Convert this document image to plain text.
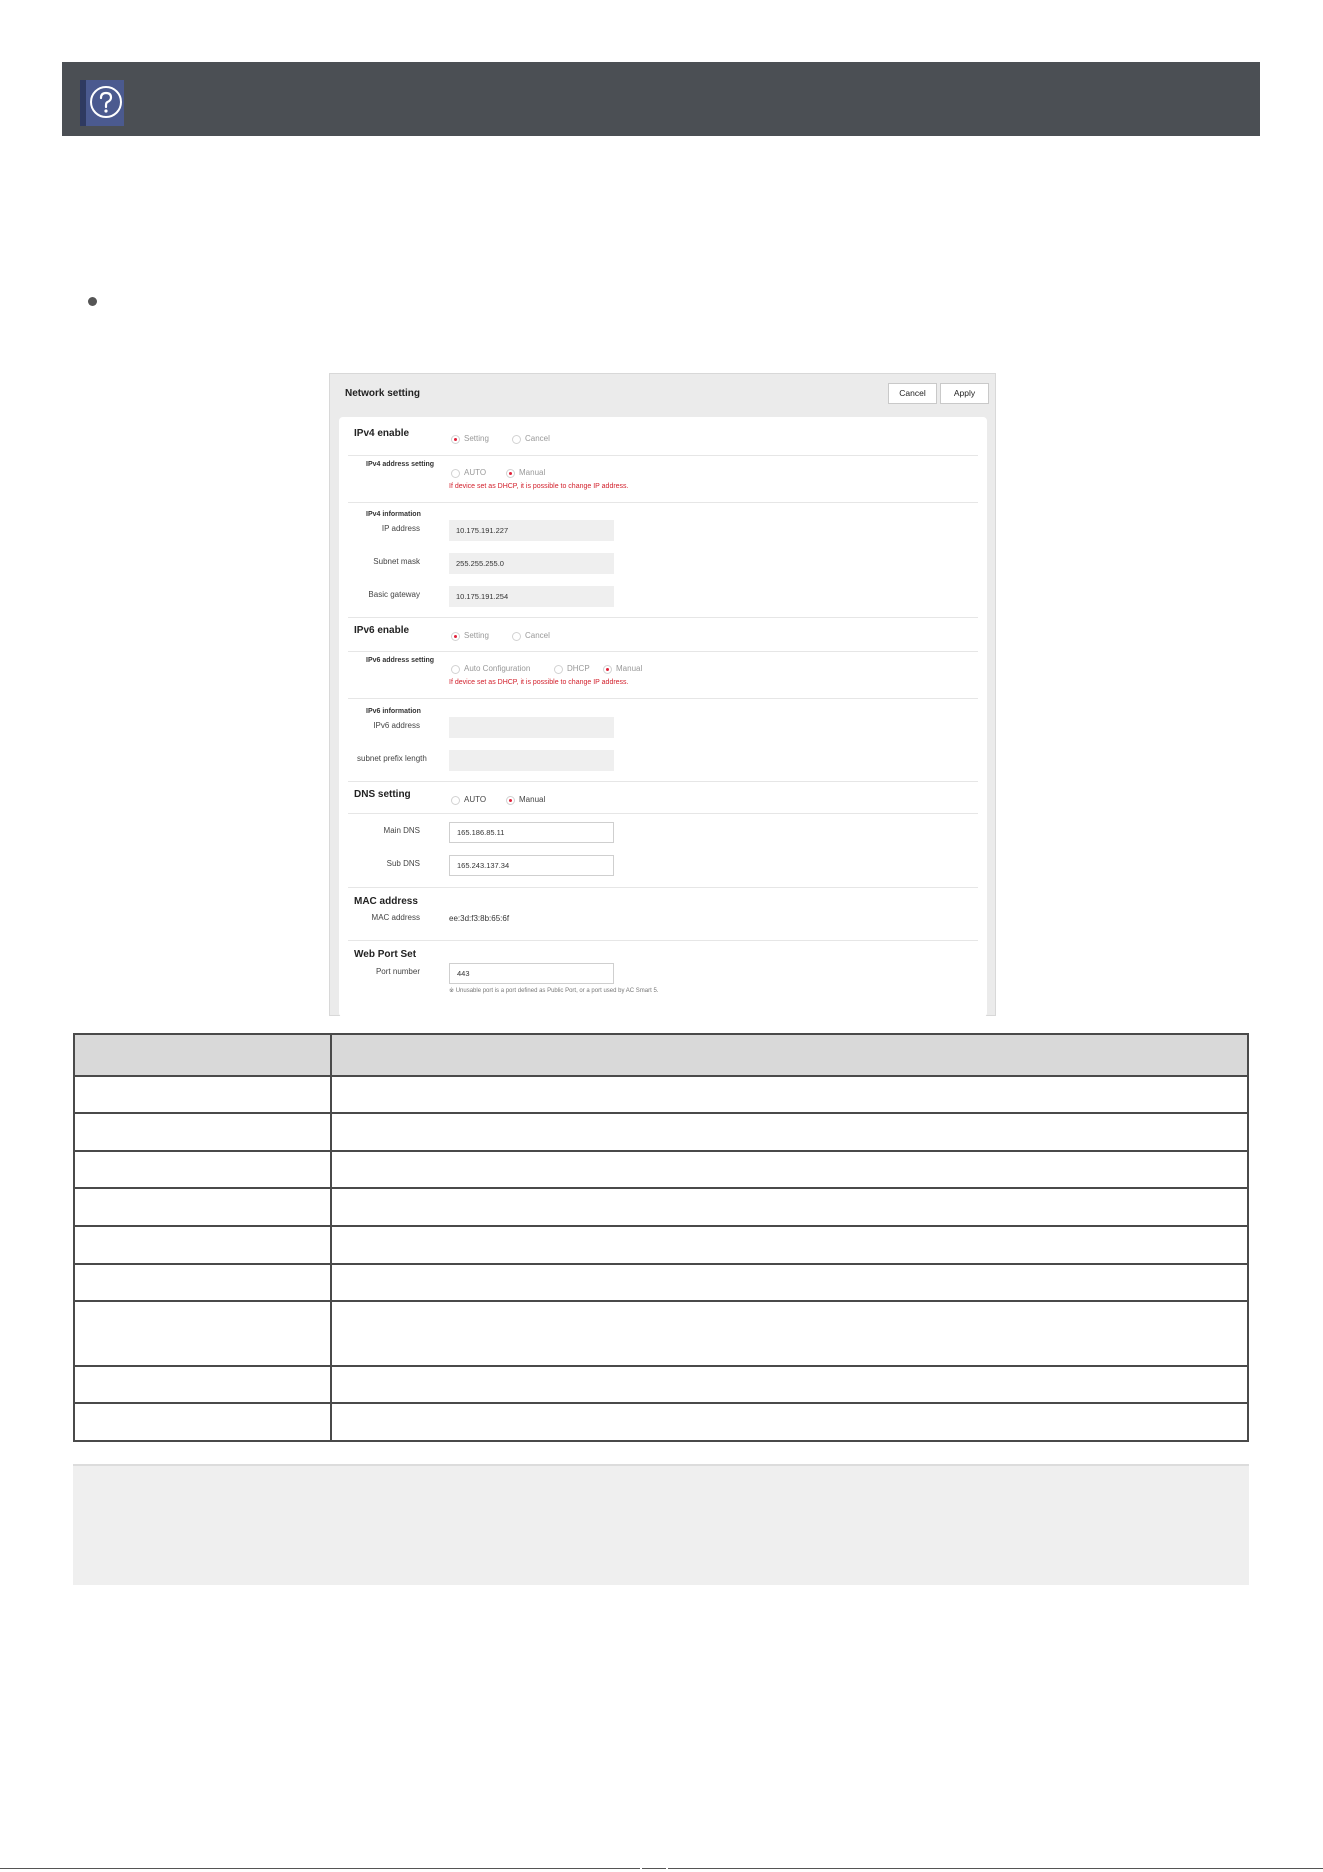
Network setting	Cancel	Apply
IPv4 enable	Setting	Cancel
IPv4 address setting
AUTO	Manual
If device set as DHCP, it is possible to change IP address.
IPv4 information
IP address	10.175.191.227
Subnet mask	255.255.255.0
Basic gateway	10.175.191.254
IPv6 enable	Setting	Cancel
IPv6 address setting
Auto Configuration	DHCP	Manual
If device set as DHCP, it is possible to change IP address.
IPv6 information
IPv6 address
subnet prefix length
DNS setting	AUTO	Manual
Main DNS	165.186.85.11
Sub DNS	165.243.137.34
MAC address
MAC address	ee:3d:f3:8b:65:6f
Web Port Set
Port number	443
※ Unusable port is a port defined as Public Port, or a port used by AC Smart 5.
